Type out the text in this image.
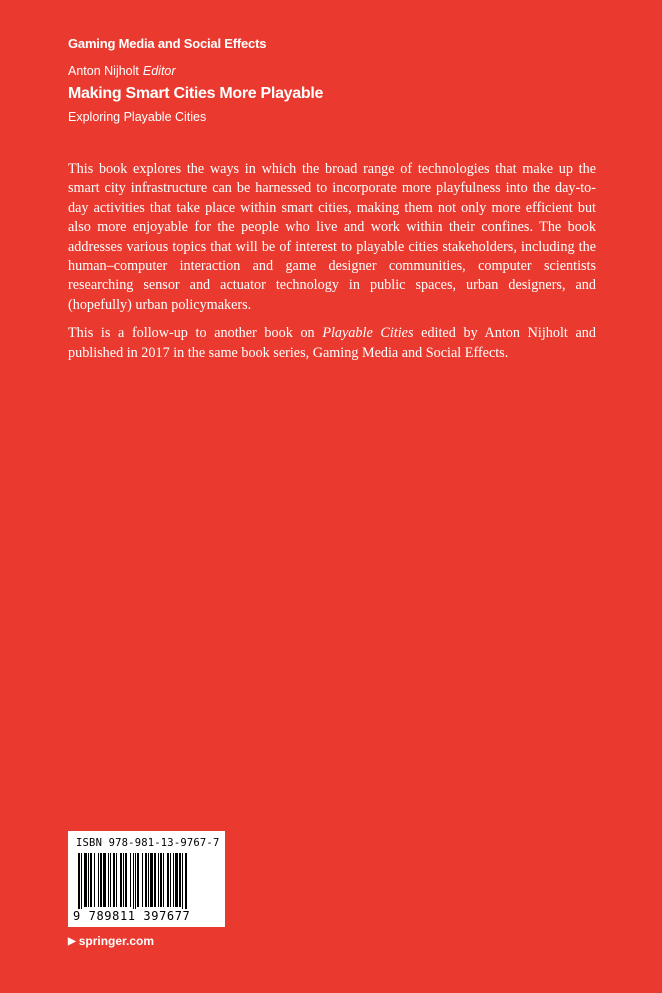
Gaming Media and Social Effects
Anton Nijholt Editor
Making Smart Cities More Playable
Exploring Playable Cities

This book explores the ways in which the broad range of technologies that make up the smart city infrastructure can be harnessed to incorporate more playfulness into the day-to-day activities that take place within smart cities, making them not only more efficient but also more enjoyable for the people who live and work within their confines. The book addresses various topics that will be of interest to playable cities stakeholders, including the human–computer interaction and game designer communities, computer scientists researching sensor and actuator technology in public spaces, urban designers, and (hopefully) urban policymakers.

This is a follow-up to another book on Playable Cities edited by Anton Nijholt and published in 2017 in the same book series, Gaming Media and Social Effects.

ISBN 978-981-13-9767-7
9 789811 397677
▶ springer.com
